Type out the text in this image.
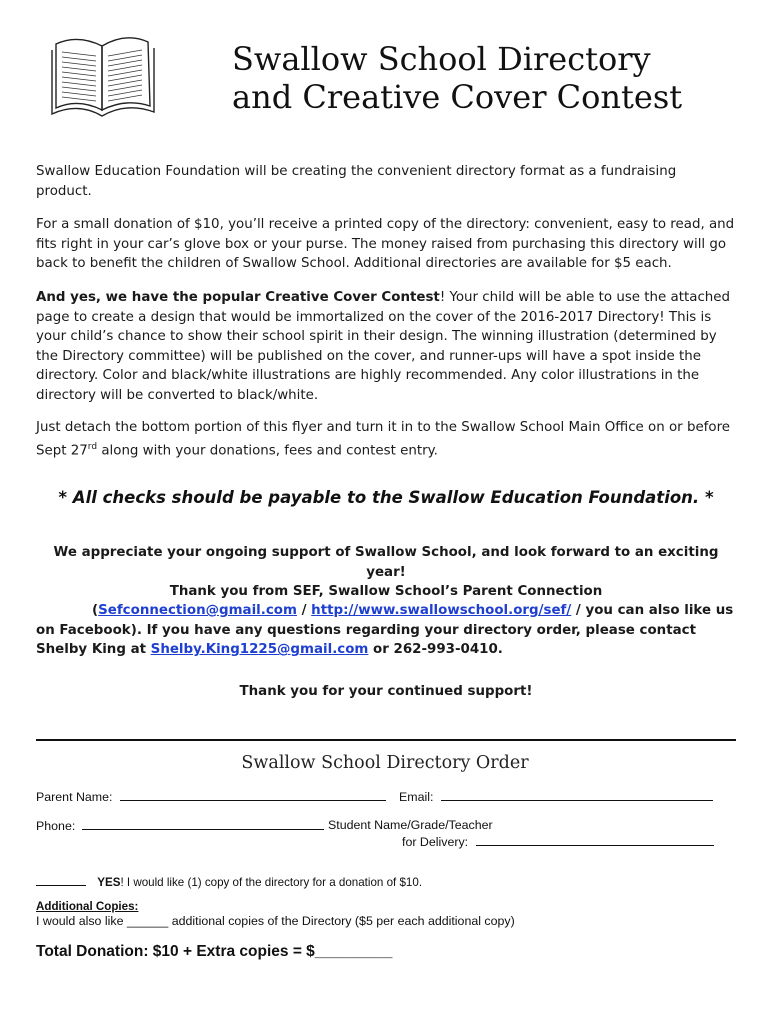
Swallow School Directory
and Creative Cover Contest

Swallow Education Foundation will be creating the convenient directory format as a fundraising product.

For a small donation of $10, you’ll receive a printed copy of the directory: convenient, easy to read, and fits right in your car’s glove box or your purse. The money raised from purchasing this directory will go back to benefit the children of Swallow School. Additional directories are available for $5 each.

And yes, we have the popular Creative Cover Contest! Your child will be able to use the attached page to create a design that would be immortalized on the cover of the 2016-2017 Directory! This is your child’s chance to show their school spirit in their design. The winning illustration (determined by the Directory committee) will be published on the cover, and runner-ups will have a spot inside the directory. Color and black/white illustrations are highly recommended. Any color illustrations in the directory will be converted to black/white.

Just detach the bottom portion of this flyer and turn it in to the Swallow School Main Office on or before Sept 27rd along with your donations, fees and contest entry.

* All checks should be payable to the Swallow Education Foundation. *

We appreciate your ongoing support of Swallow School, and look forward to an exciting year!

Thank you from SEF, Swallow School’s Parent Connection

(Sefconnection@gmail.com / http://www.swallowschool.org/sef/ / you can also like us on Facebook). If you have any questions regarding your directory order, please contact Shelby King at Shelby.King1225@gmail.com or 262-993-0410.

Thank you for your continued support!

Swallow School Directory Order
Parent Name:	Email:
Phone:	Student Name/Grade/Teacher
for Delivery:
YES! I would like (1) copy of the directory for a donation of $10.
Additional Copies:
I would also like ______ additional copies of the Directory ($5 per each additional copy)
Total Donation: $10 + Extra copies = $_________
